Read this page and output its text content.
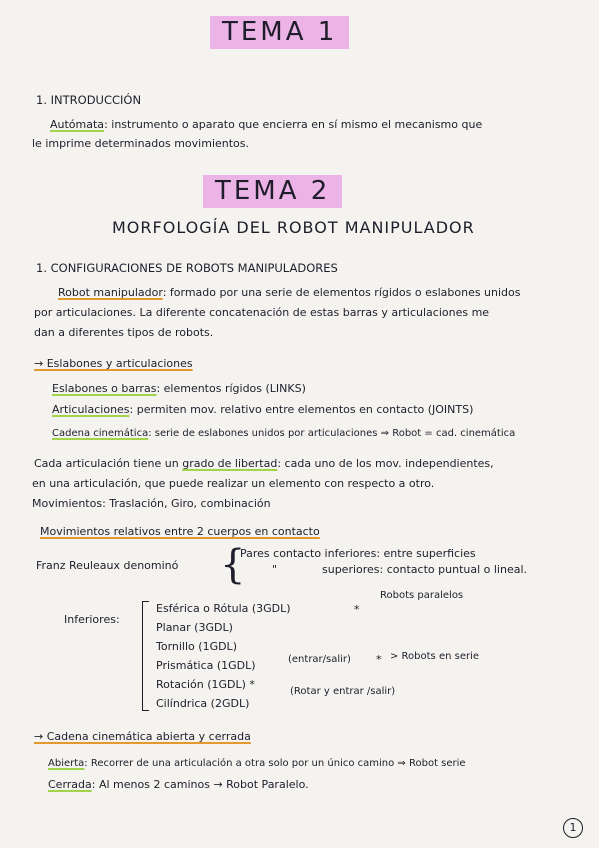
TEMA 1
1. INTRODUCCIÓN
Autómata: instrumento o aparato que encierra en sí mismo el mecanismo que
le imprime determinados movimientos.
TEMA 2
MORFOLOGÍA DEL ROBOT MANIPULADOR
1. CONFIGURACIONES DE ROBOTS MANIPULADORES
Robot manipulador: formado por una serie de elementos rígidos o eslabones unidos
por articulaciones. La diferente concatenación de estas barras y articulaciones me
dan a diferentes tipos de robots.
→ Eslabones y articulaciones
Eslabones o barras: elementos rígidos (LINKS)
Articulaciones: permiten mov. relativo entre elementos en contacto (JOINTS)
Cadena cinemática: serie de eslabones unidos por articulaciones ⇒ Robot = cad. cinemática
Cada articulación tiene un grado de libertad: cada uno de los mov. independientes,
en una articulación, que puede realizar un elemento con respecto a otro.
Movimientos: Traslación, Giro, combinación
Movimientos relativos entre 2 cuerpos en contacto
Franz Reuleaux denominó {
Pares contacto inferiores: entre superficies
"	superiores: contacto puntual o lineal.
Inferiores:
Esférica o Rótula (3GDL)
Planar (3GDL)
Tornillo (1GDL)
Prismática (1GDL)
Rotación (1GDL) *
Cilíndrica (2GDL)
*
Robots paralelos
(entrar/salir) * > Robots en serie
(Rotar y entrar /salir)
→ Cadena cinemática abierta y cerrada
Abierta: Recorrer de una articulación a otra solo por un único camino ⇒ Robot serie
Cerrada: Al menos 2 caminos → Robot Paralelo.
1
